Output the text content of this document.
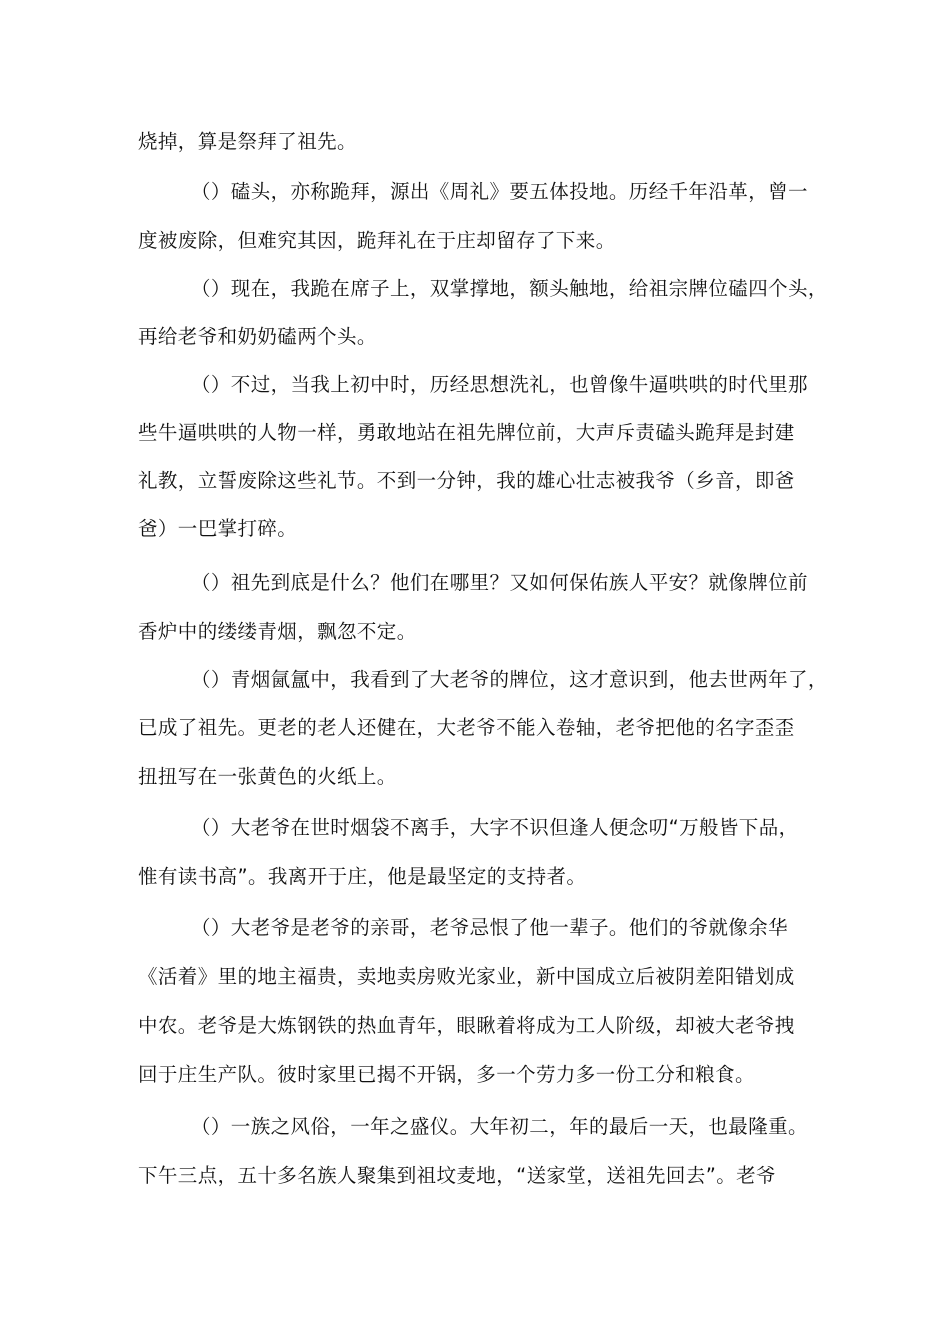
烧掉，算是祭拜了祖先。
（）磕头，亦称跪拜，源出《周礼》要五体投地。历经千年沿革，曾一
度被废除，但难究其因，跪拜礼在于庄却留存了下来。
（）现在，我跪在席子上，双掌撑地，额头触地，给祖宗牌位磕四个头，
再给老爷和奶奶磕两个头。
（）不过，当我上初中时，历经思想洗礼，也曾像牛逼哄哄的时代里那
些牛逼哄哄的人物一样，勇敢地站在祖先牌位前，大声斥责磕头跪拜是封建
礼教，立誓废除这些礼节。不到一分钟，我的雄心壮志被我爷（乡音，即爸
爸）一巴掌打碎。
（）祖先到底是什么？他们在哪里？又如何保佑族人平安？就像牌位前
香炉中的缕缕青烟，飘忽不定。
（）青烟氤氲中，我看到了大老爷的牌位，这才意识到，他去世两年了，
已成了祖先。更老的老人还健在，大老爷不能入卷轴，老爷把他的名字歪歪
扭扭写在一张黄色的火纸上。
（）大老爷在世时烟袋不离手，大字不识但逢人便念叨“万般皆下品，
惟有读书高”。我离开于庄，他是最坚定的支持者。
（）大老爷是老爷的亲哥，老爷忌恨了他一辈子。他们的爷就像余华
《活着》里的地主福贵，卖地卖房败光家业，新中国成立后被阴差阳错划成
中农。老爷是大炼钢铁的热血青年，眼瞅着将成为工人阶级，却被大老爷拽
回于庄生产队。彼时家里已揭不开锅，多一个劳力多一份工分和粮食。
（）一族之风俗，一年之盛仪。大年初二，年的最后一天，也最隆重。
下午三点，五十多名族人聚集到祖坟麦地，“送家堂，送祖先回去”。老爷
